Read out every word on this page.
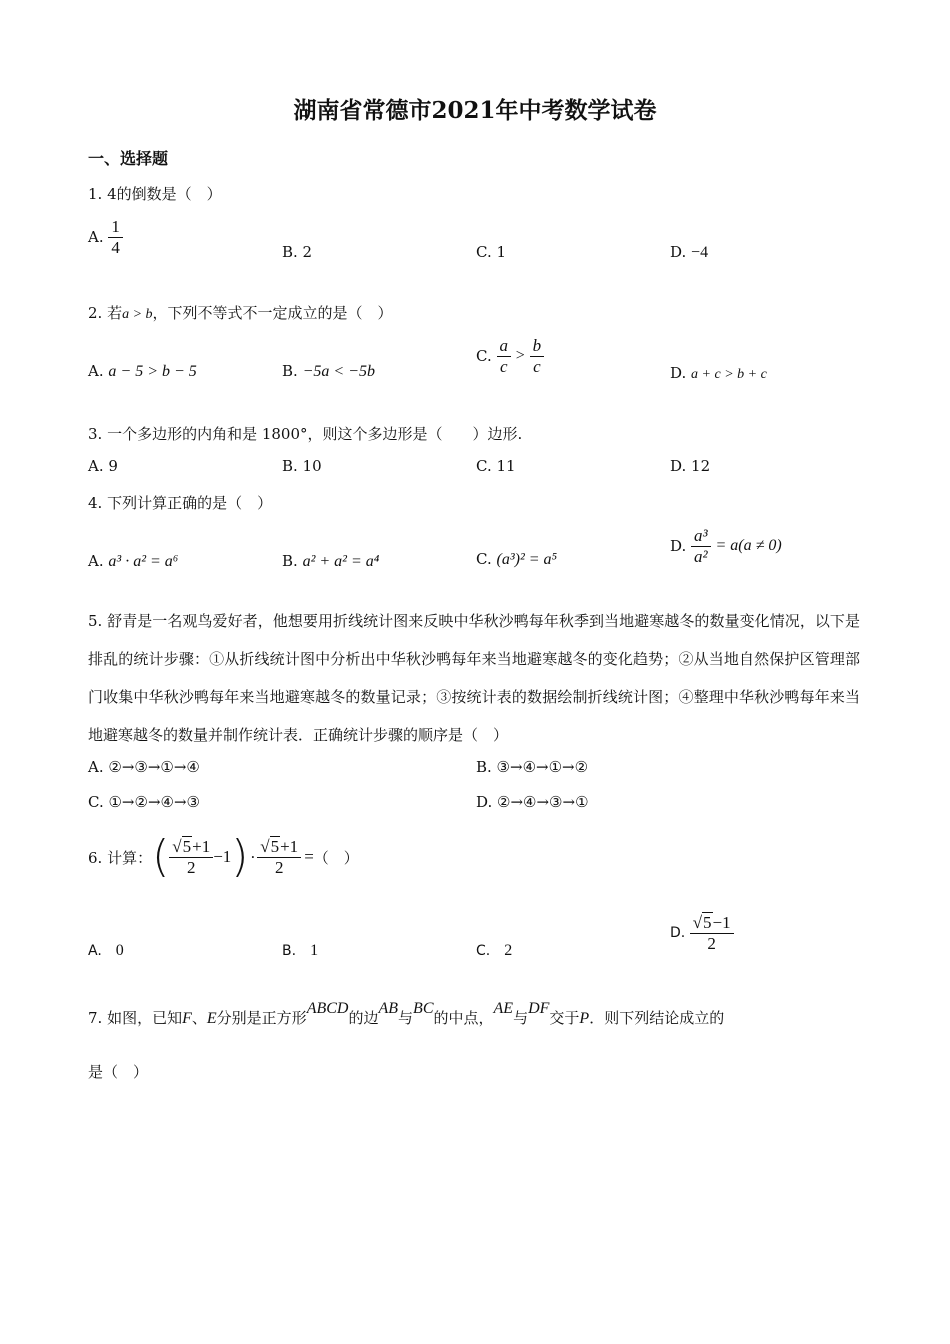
湖南省常德市2021年中考数学试卷
一、选择题
1. 4的倒数是（　）
A. $\frac{1}{4}$	B. 2	C. 1	D. −4
2. 若a > b，下列不等式不一定成立的是（　）
A. a − 5 > b − 5	B. −5a < −5b
C. $\frac{a}{c} > \frac{b}{c}$	D. a + c > b + c
3. 一个多边形的内角和是 1800°，则这个多边形是（　　）边形.
A. 9	B. 10	C. 11	D. 12
4. 下列计算正确的是（　）
A. a³ · a² = a⁶	B. a² + a² = a⁴	C. (a³)² = a⁵
D. $\frac{\text{a³}}{\text{a²}} = a(a \ne 0)$
5. 舒青是一名观鸟爱好者，他想要用折线统计图来反映中华秋沙鸭每年秋季到当地避寒越冬的数量变化情况，以下是排乱的统计步骤：①从折线统计图中分析出中华秋沙鸭每年来当地避寒越冬的变化趋势；②从当地自然保护区管理部门收集中华秋沙鸭每年来当地避寒越冬的数量记录；③按统计表的数据绘制折线统计图；④整理中华秋沙鸭每年来当地避寒越冬的数量并制作统计表．正确统计步骤的顺序是（　）
A. ②→③→①→④	B. ③→④→①→②
C. ①→②→④→③	D. ②→④→③→①
6. 计算： ( $\frac{√5+1}{2} -1$ ) · $\frac{√5+1}{2}$ = （　）
A.　 0	B.　 1	C.　 2
D.
$\frac{√5-1}{2}$
7. 如图，已知F、E分别是正方形ABCD的边AB与BC的中点，AE与DF交于P．则下列结论成立的
是（　）
